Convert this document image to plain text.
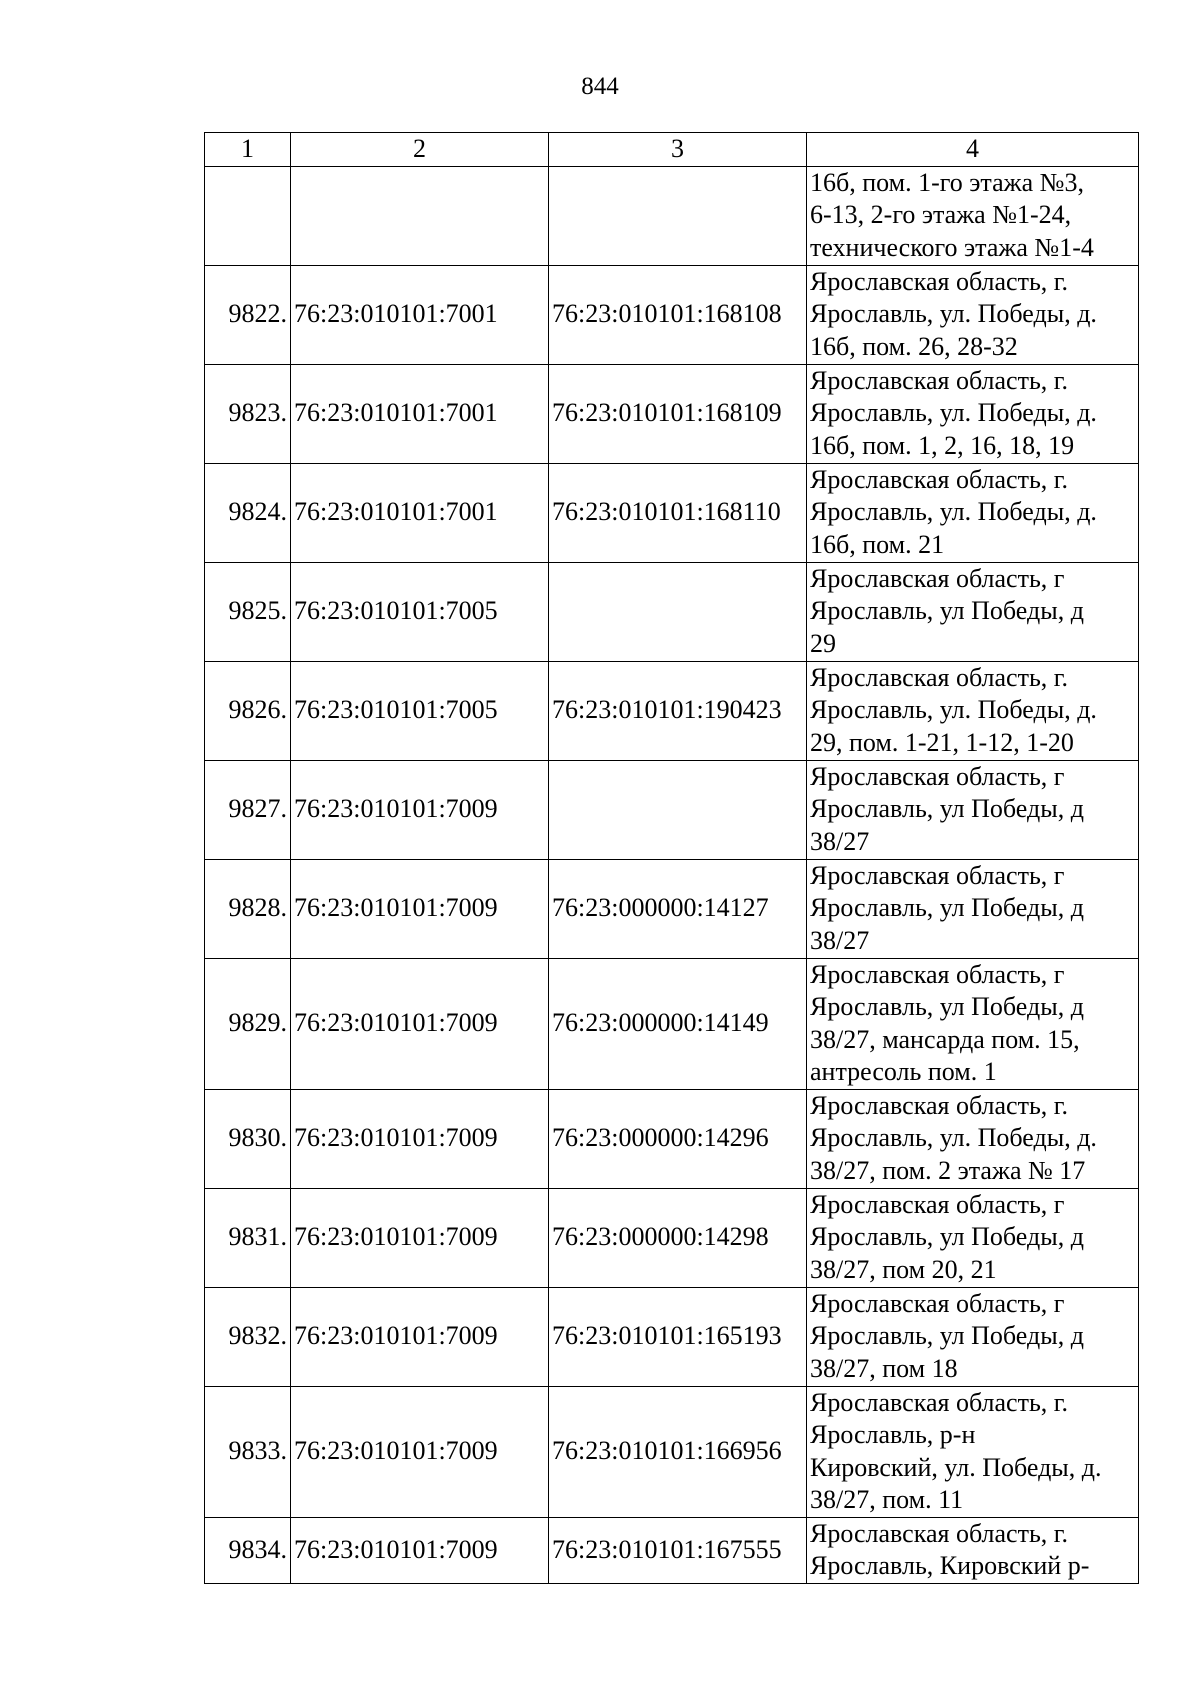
844
1	2	3	4

			16б, пом. 1-го этажа №3,
6-13, 2-го этажа №1-24,
технического этажа №1-4

9822.	76:23:010101:7001	76:23:010101:168108	Ярославская область, г.
Ярославль, ул. Победы, д.
16б, пом. 26, 28-32

9823.	76:23:010101:7001	76:23:010101:168109	Ярославская область, г.
Ярославль, ул. Победы, д.
16б, пом. 1, 2, 16, 18, 19

9824.	76:23:010101:7001	76:23:010101:168110	Ярославская область, г.
Ярославль, ул. Победы, д.
16б, пом. 21

9825.	76:23:010101:7005		Ярославская область, г
Ярославль, ул Победы, д
29

9826.	76:23:010101:7005	76:23:010101:190423	Ярославская область, г.
Ярославль, ул. Победы, д.
29, пом. 1-21, 1-12, 1-20

9827.	76:23:010101:7009		Ярославская область, г
Ярославль, ул Победы, д
38/27

9828.	76:23:010101:7009	76:23:000000:14127	Ярославская область, г
Ярославль, ул Победы, д
38/27

9829.	76:23:010101:7009	76:23:000000:14149	Ярославская область, г
Ярославль, ул Победы, д
38/27, мансарда пом. 15,
антресоль пом. 1

9830.	76:23:010101:7009	76:23:000000:14296	Ярославская область, г.
Ярославль, ул. Победы, д.
38/27, пом. 2 этажа № 17

9831.	76:23:010101:7009	76:23:000000:14298	Ярославская область, г
Ярославль, ул Победы, д
38/27, пом 20, 21

9832.	76:23:010101:7009	76:23:010101:165193	Ярославская область, г
Ярославль, ул Победы, д
38/27, пом 18

9833.	76:23:010101:7009	76:23:010101:166956	Ярославская область, г.
Ярославль, р-н
Кировский, ул. Победы, д.
38/27, пом. 11

9834.	76:23:010101:7009	76:23:010101:167555	Ярославская область, г.
Ярославль, Кировский р-
